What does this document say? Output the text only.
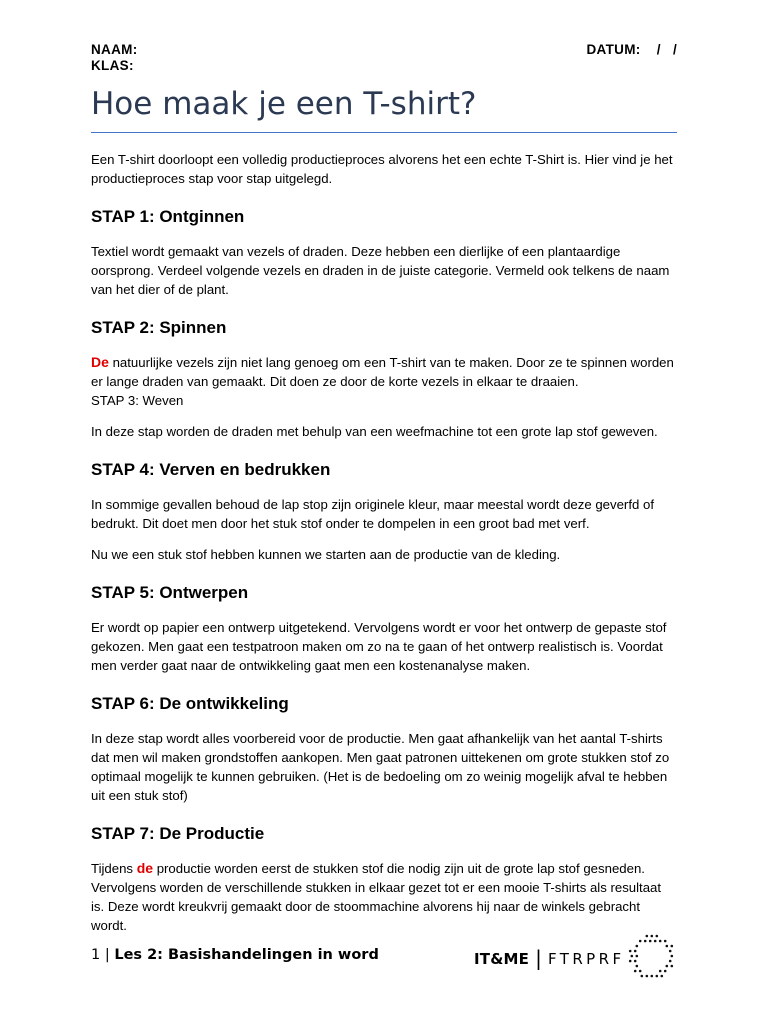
NAAM:
KLAS:
DATUM:    /   /
Hoe maak je een T-shirt?

Een T-shirt doorloopt een volledig productieproces alvorens het een echte T-Shirt is. Hier vind je het productieproces stap voor stap uitgelegd.

STAP 1: Ontginnen

Textiel wordt gemaakt van vezels of draden. Deze hebben een dierlijke of een plantaardige oorsprong. Verdeel volgende vezels en draden in de juiste categorie. Vermeld ook telkens de naam van het dier of de plant.

STAP 2: Spinnen

De natuurlijke vezels zijn niet lang genoeg om een T-shirt van te maken. Door ze te spinnen worden er lange draden van gemaakt. Dit doen ze door de korte vezels in elkaar te draaien.

STAP 3: Weven

In deze stap worden de draden met behulp van een weefmachine tot een grote lap stof geweven.

STAP 4: Verven en bedrukken

In sommige gevallen behoud de lap stop zijn originele kleur, maar meestal wordt deze geverfd of bedrukt. Dit doet men door het stuk stof onder te dompelen in een groot bad met verf.

Nu we een stuk stof hebben kunnen we starten aan de productie van de kleding.

STAP 5: Ontwerpen

Er wordt op papier een ontwerp uitgetekend. Vervolgens wordt er voor het ontwerp de gepaste stof gekozen. Men gaat een testpatroon maken om zo na te gaan of het ontwerp realistisch is. Voordat men verder gaat naar de ontwikkeling gaat men een kostenanalyse maken.

STAP 6: De ontwikkeling

In deze stap wordt alles voorbereid voor de productie. Men gaat afhankelijk van het aantal T-shirts dat men wil maken grondstoffen aankopen. Men gaat patronen uittekenen om grote stukken stof zo optimaal mogelijk te kunnen gebruiken. (Het is de bedoeling om zo weinig mogelijk afval te hebben uit een stuk stof)

STAP 7: De Productie

Tijdens de productie worden eerst de stukken stof die nodig zijn uit de grote lap stof gesneden. Vervolgens worden de verschillende stukken in elkaar gezet tot er een mooie T-shirts als resultaat is. Deze wordt kreukvrij gemaakt door de stoommachine alvorens hij naar de winkels gebracht wordt.

1 | Les 2: Basishandelingen in word	IT&ME | FTRPRF
